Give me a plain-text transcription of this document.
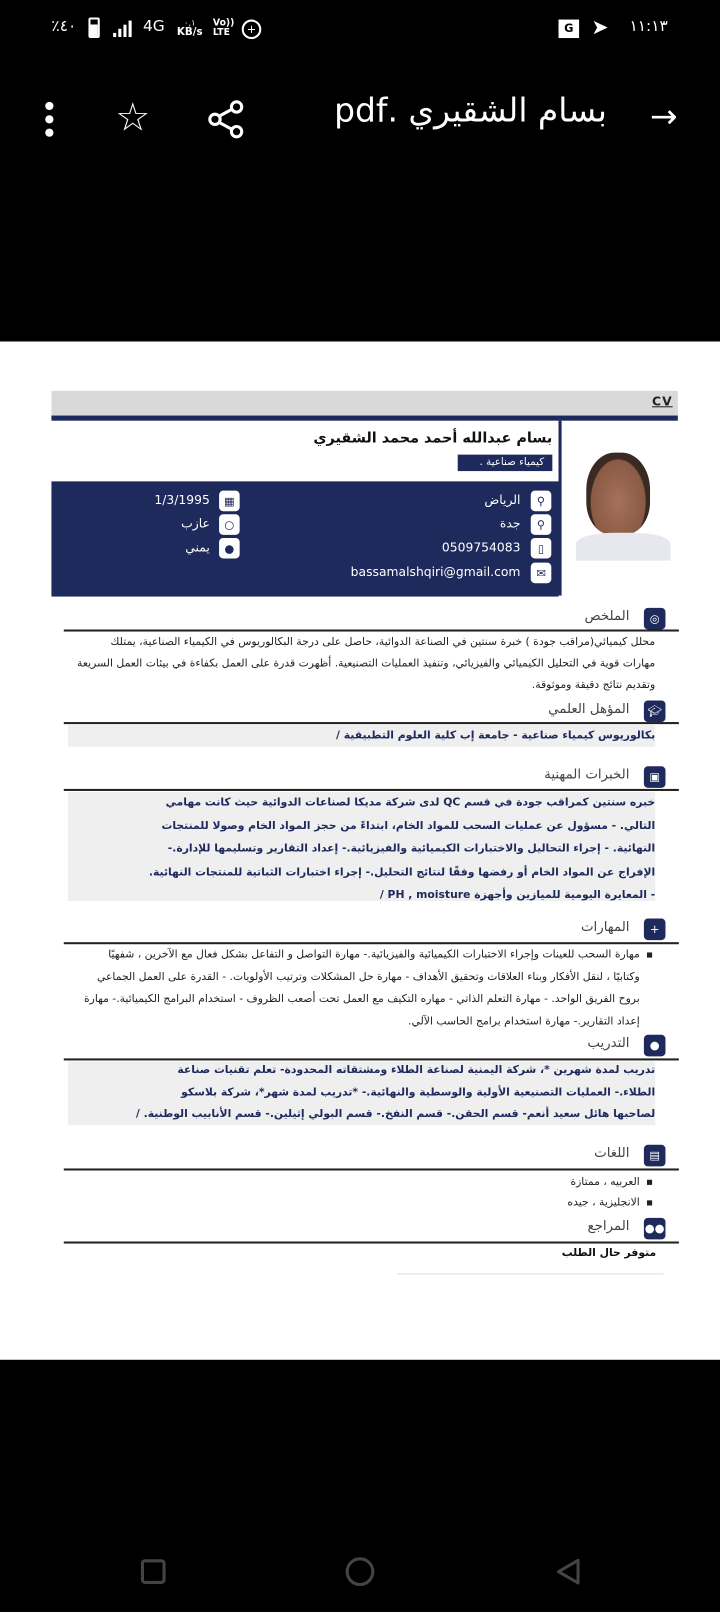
٪٤٠	4G	٠,١
KB/s
Vo)) LTE	+	G ➤ ١١:١٣
→
بسام الشقيري .pdf
☆
CV
بسام عبدالله أحمد محمد الشقيري
كيمياء صناعية .
⚲
الرياض
⚲
جدة
▯
0509754083
✉
bassamalshqiri@gmail.com
▦
1/3/1995
○
عازب
●
يمني
◎
الملخص
محلل كيميائي(مراقب جودة ) خبرة سنتين في الصناعة الدوائية، حاصل على درجة البكالوريوس في الكيمياء الصناعية، يمتلك
مهارات قوية في التحليل الكيميائي والفيزيائي، وتنفيذ العمليات التصنيعية. أظهرت قدرة على العمل بكفاءة في بيئات العمل السريعة
وتقديم نتائج دقيقة وموثوقة.
🎓︎
المؤهل العلمي
بكالوريوس كيمياء صناعية - جامعة إب كلية العلوم التطبيقية /
▣
الخبرات المهنية
خبره سنتين كمراقب جودة في قسم QC لدى شركة مديكا لصناعات الدوائية حيث كانت مهامي
التالي. - مسؤول عن عمليات السحب للمواد الخام، ابتداءً من حجز المواد الخام وصولا للمنتجات
النهائية. - إجراء التحاليل والاختبارات الكيميائية والفيزيائية.- إعداد التقارير وتسليمها للإدارة.-
الإفراج عن المواد الخام أو رفضها وفقًا لنتائج التحليل.- إجراء اختبارات الثباتية للمنتجات النهائية.
- المعايرة اليومية للميازين وأجهزة PH , moisture /
+
المهارات
مهارة السحب للعينات وإجراء الاختبارات الكيميائية والفيزيائية.- مهارة التواصل و التفاعل بشكل فعال مع الآخرين ، شفهيًا
وكتابيًا ، لنقل الأفكار وبناء العلاقات وتحقيق الأهداف - مهارة حل المشكلات وترتيب الأولويات. - القدرة على العمل الجماعي
بروح الفريق الواحد. - مهارة التعلم الذاتي - مهاره التكيف مع العمل تحت أصعب الظروف - استخدام البرامج الكيميائية.- مهارة
إعداد التقارير.- مهارة استخدام برامج الحاسب الآلي.
●
التدريب
تدريب لمدة شهرين *، شركة اليمنية لصناعة الطلاء ومشتقاته المحدودة- تعلم تقنيات صناعة
الطلاء.- العمليات التصنيعية الأولية والوسطية والنهائية.- *تدريب لمدة شهر*، شركة بلاسكو
لصاحبها هائل سعيد أنعم- قسم الحقن.- قسم النفخ.- قسم البولي إثيلين.- قسم الأنابيب الوطنية. /
▤
اللغات
العربيه ، ممتازة
الانجليزية ، جيده
●●
المراجع
متوفر حال الطلب
